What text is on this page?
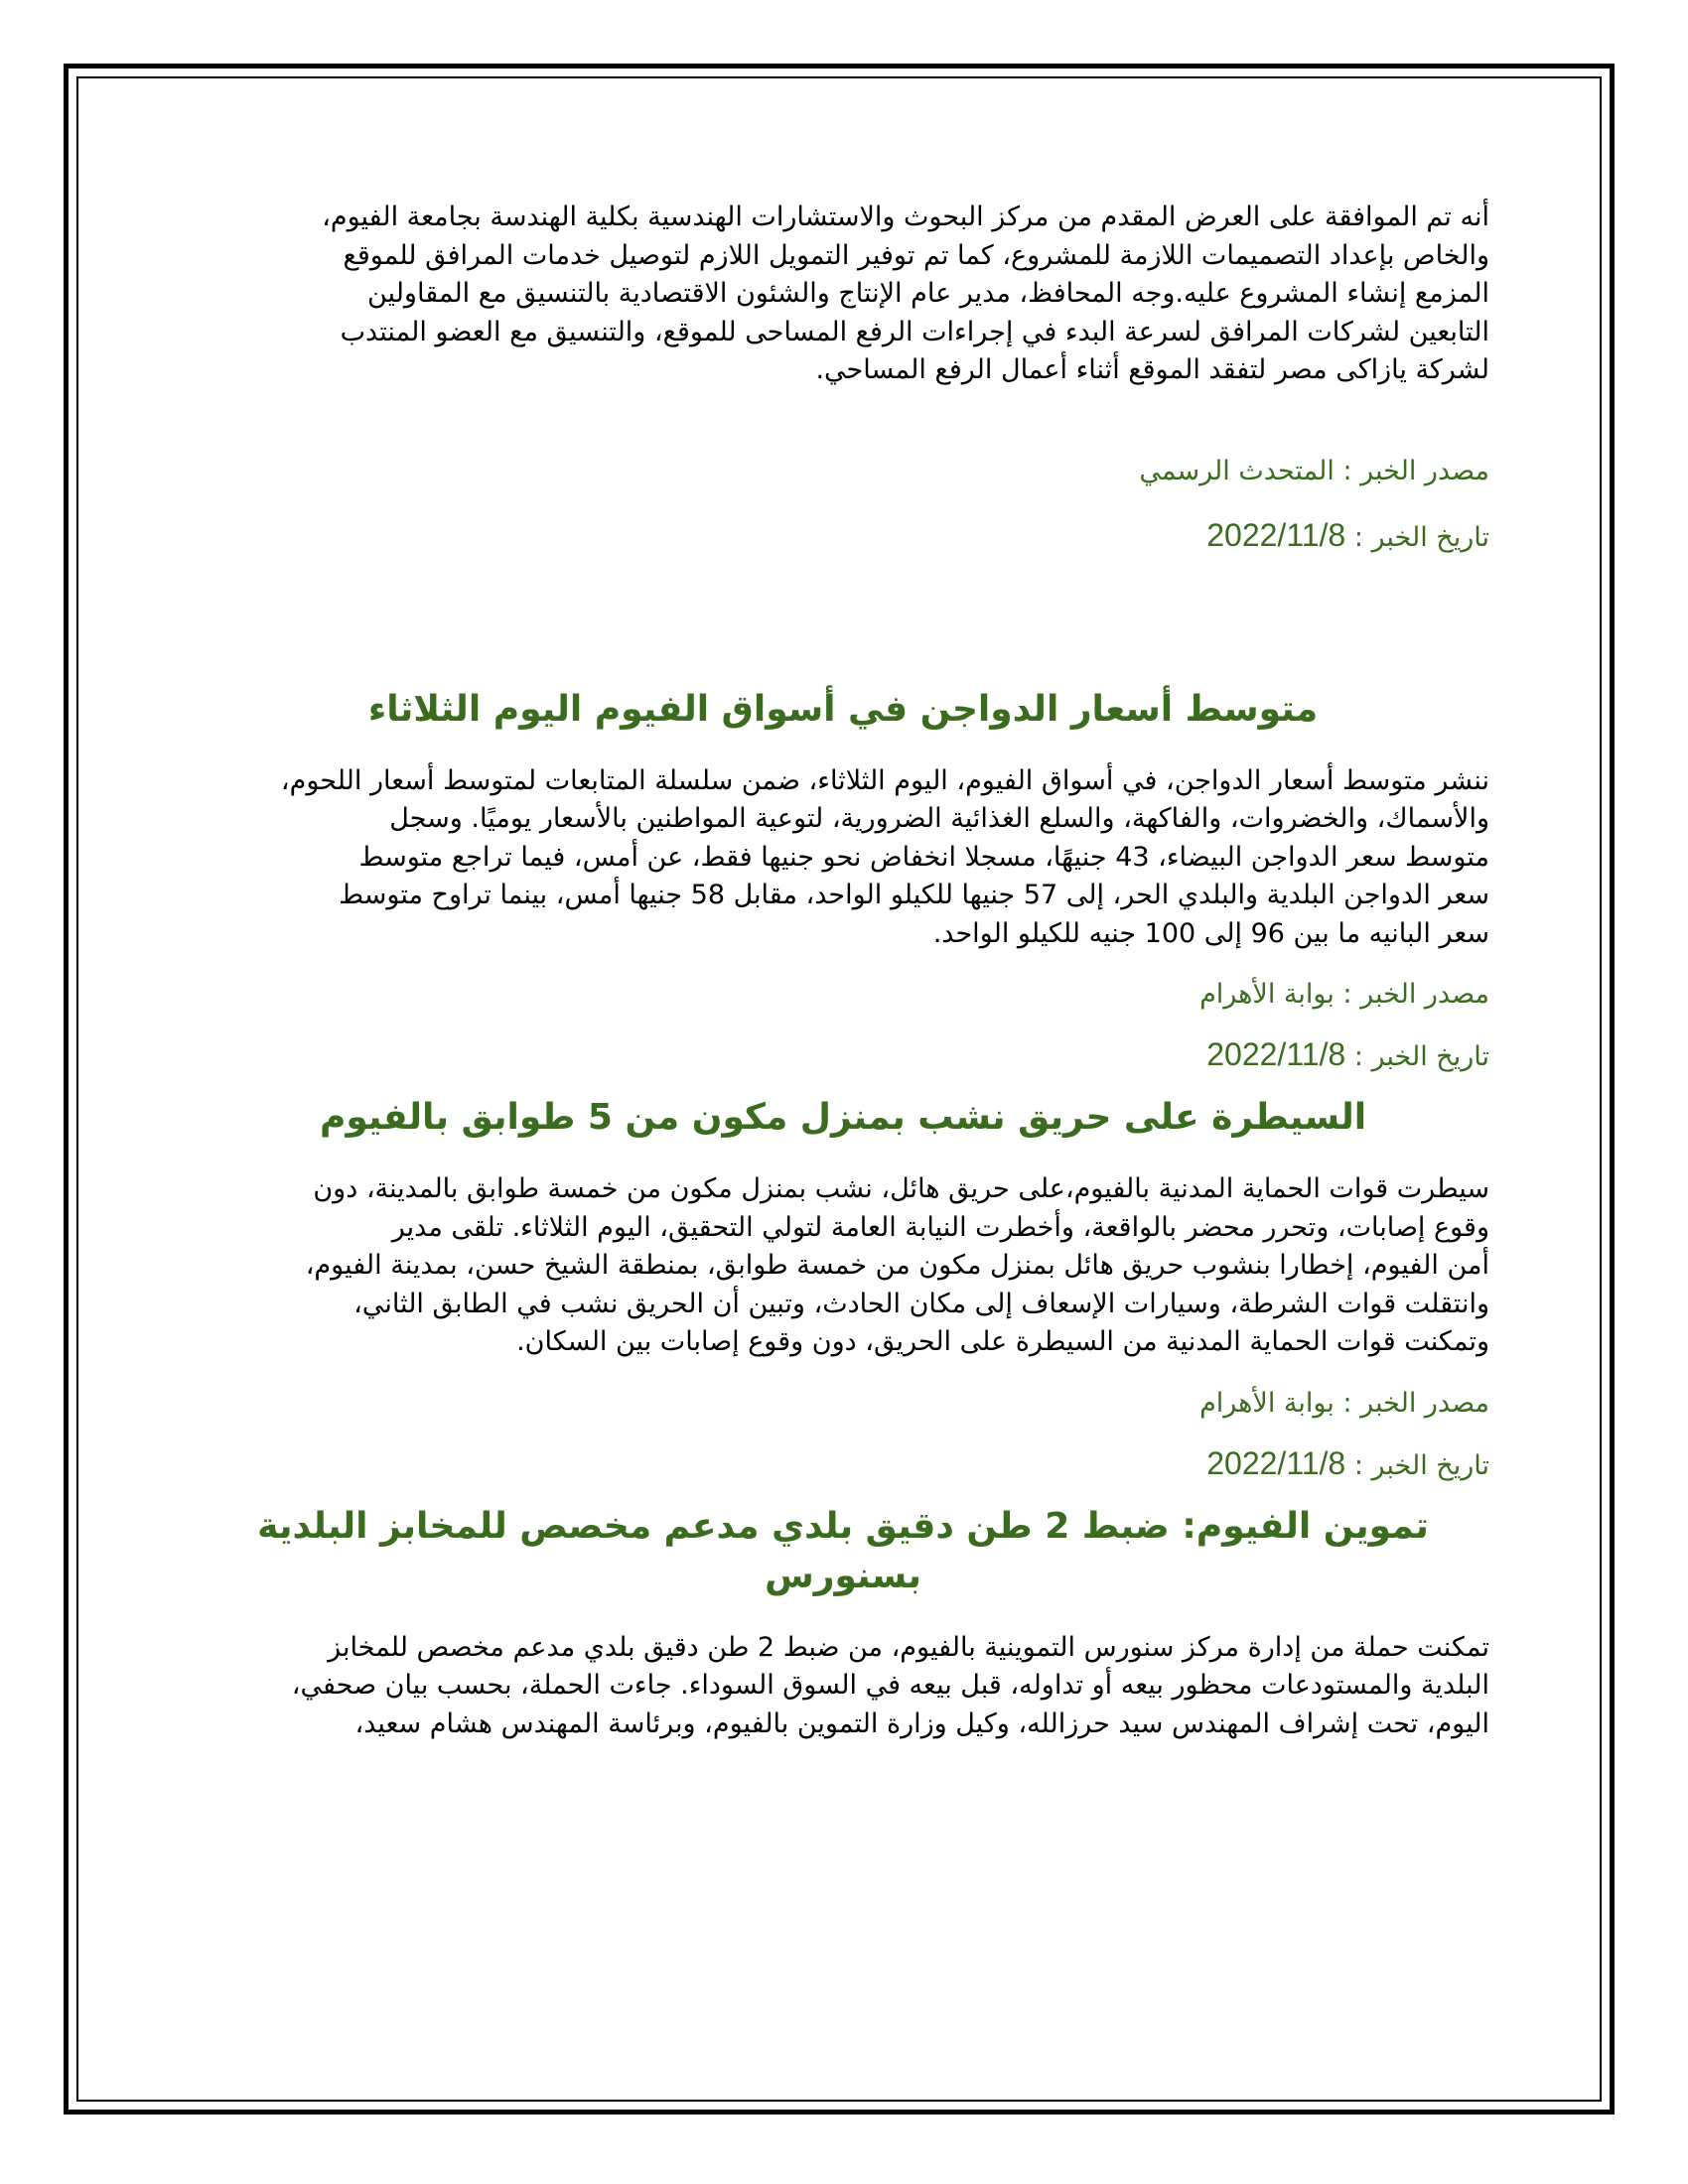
أنه تم الموافقة على العرض المقدم من مركز البحوث والاستشارات الهندسية بكلية الهندسة بجامعة الفيوم،
والخاص بإعداد التصميمات اللازمة للمشروع، كما تم توفير التمويل اللازم لتوصيل خدمات المرافق للموقع
المزمع إنشاء المشروع عليه.وجه المحافظ، مدير عام الإنتاج والشئون الاقتصادية بالتنسيق مع المقاولين
التابعين لشركات المرافق لسرعة البدء في إجراءات الرفع المساحى للموقع، والتنسيق مع العضو المنتدب
لشركة يازاكى مصر لتفقد الموقع أثناء أعمال الرفع المساحي.

مصدر الخبر : المتحدث الرسمي

تاريخ الخبر : 2022/11/8

متوسط أسعار الدواجن في أسواق الفيوم اليوم الثلاثاء

ننشر متوسط أسعار الدواجن، في أسواق الفيوم، اليوم الثلاثاء، ضمن سلسلة المتابعات لمتوسط أسعار اللحوم،
والأسماك، والخضروات، والفاكهة، والسلع الغذائية الضرورية، لتوعية المواطنين بالأسعار يوميًا. وسجل
متوسط سعر الدواجن البيضاء، 43 جنيهًا، مسجلا انخفاض نحو جنيها فقط، عن أمس، فيما تراجع متوسط
سعر الدواجن البلدية والبلدي الحر، إلى 57 جنيها للكيلو الواحد، مقابل 58 جنيها أمس، بينما تراوح متوسط
سعر البانيه ما بين 96 إلى 100 جنيه للكيلو الواحد.

مصدر الخبر : بوابة الأهرام

تاريخ الخبر : 2022/11/8

السيطرة على حريق نشب بمنزل مكون من 5 طوابق بالفيوم

سيطرت قوات الحماية المدنية بالفيوم،على حريق هائل، نشب بمنزل مكون من خمسة طوابق بالمدينة، دون
وقوع إصابات، وتحرر محضر بالواقعة، وأخطرت النيابة العامة لتولي التحقيق، اليوم الثلاثاء. تلقى مدير
أمن الفيوم، إخطارا بنشوب حريق هائل بمنزل مكون من خمسة طوابق، بمنطقة الشيخ حسن، بمدينة الفيوم،
وانتقلت قوات الشرطة، وسيارات الإسعاف إلى مكان الحادث، وتبين أن الحريق نشب في الطابق الثاني،
وتمكنت قوات الحماية المدنية من السيطرة على الحريق، دون وقوع إصابات بين السكان.

مصدر الخبر : بوابة الأهرام

تاريخ الخبر : 2022/11/8

تموين الفيوم: ضبط 2 طن دقيق بلدي مدعم مخصص للمخابز البلدية بسنورس

تمكنت حملة من إدارة مركز سنورس التموينية بالفيوم، من ضبط 2 طن دقيق بلدي مدعم مخصص للمخابز
البلدية والمستودعات محظور بيعه أو تداوله، قبل بيعه في السوق السوداء. جاءت الحملة، بحسب بيان صحفي،
اليوم، تحت إشراف المهندس سيد حرزالله، وكيل وزارة التموين بالفيوم، وبرئاسة المهندس هشام سعيد،
